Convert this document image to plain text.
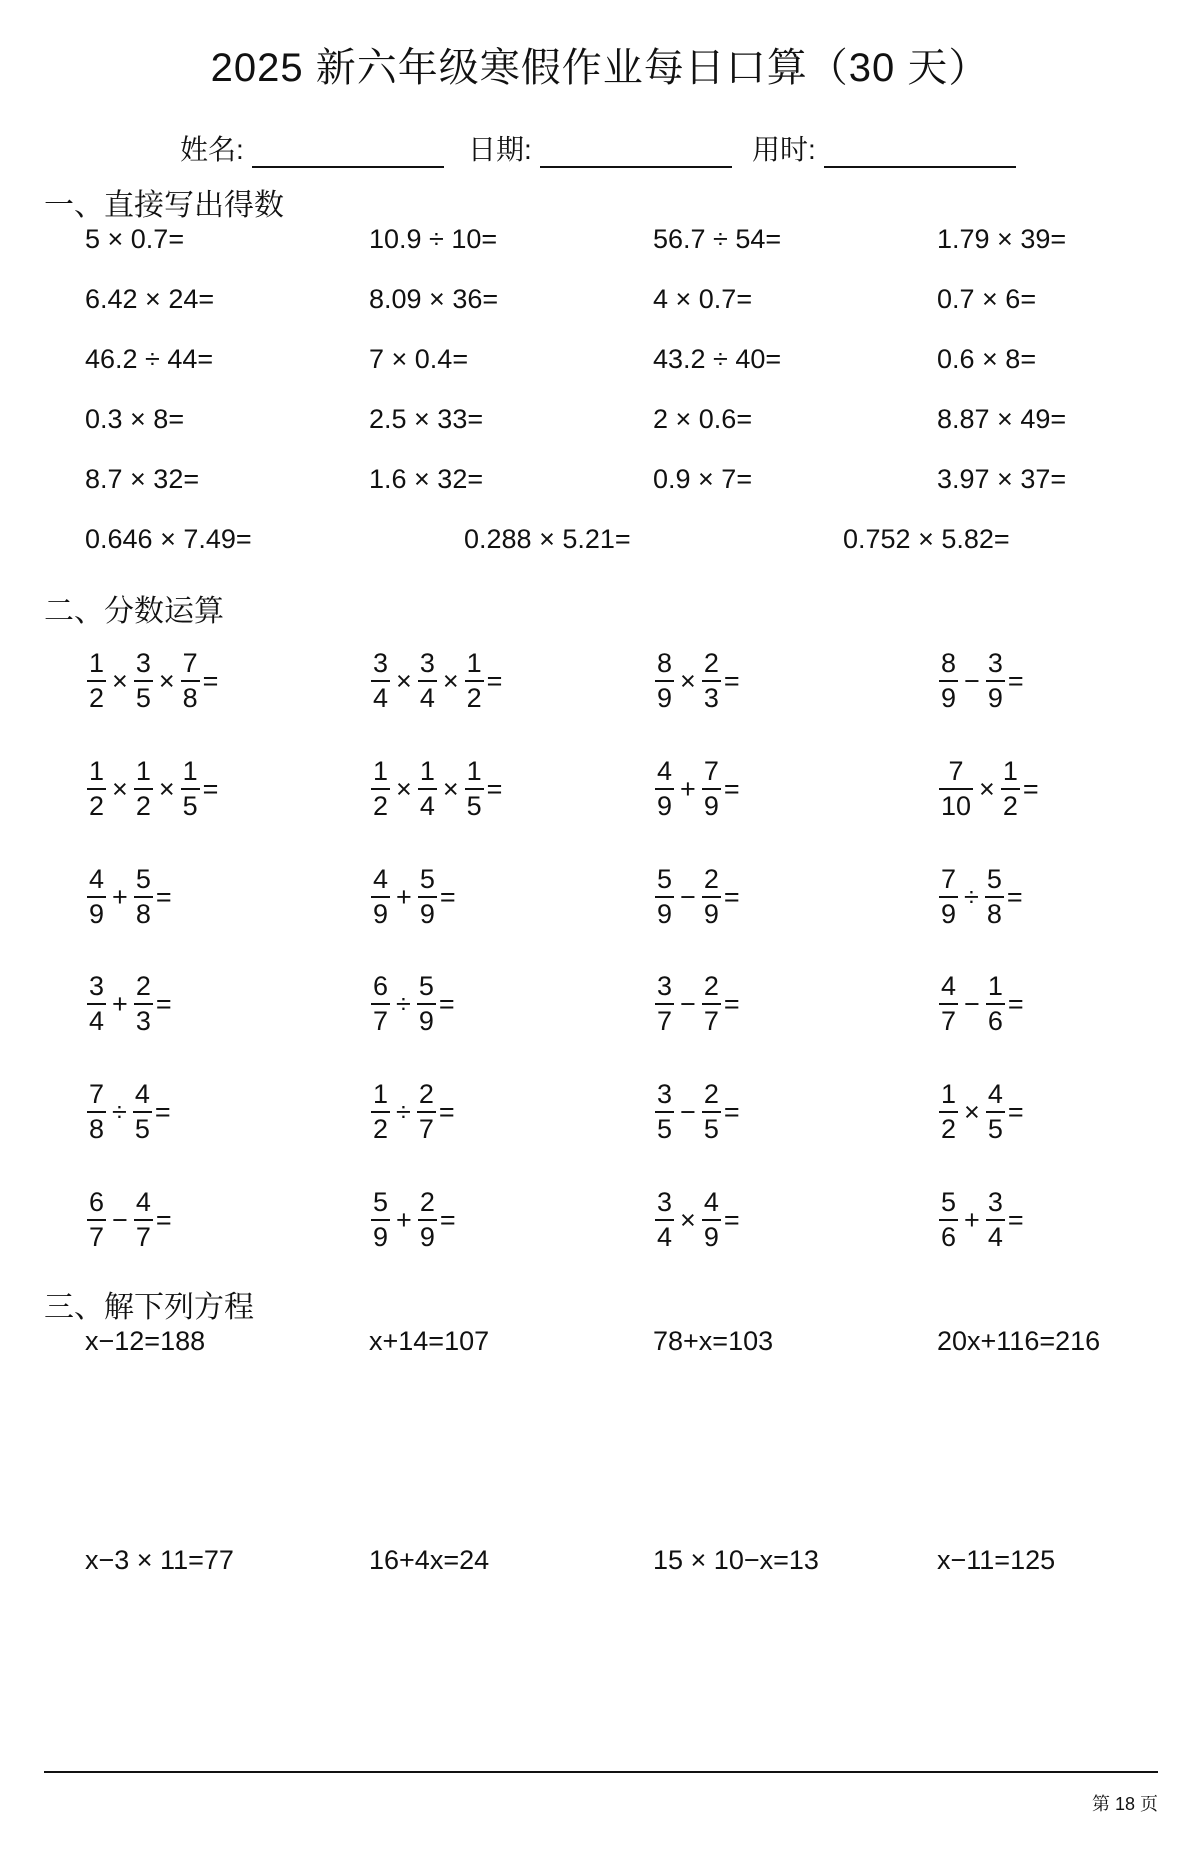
2025 新六年级寒假作业每日口算（30 天）
姓名:	日期:	用时:
一、直接写出得数
5 × 0.7=	10.9 ÷ 10=	56.7 ÷ 54=	1.79 × 39=
6.42 × 24=	8.09 × 36=	4 × 0.7=	0.7 × 6=
46.2 ÷ 44=	7 × 0.4=	43.2 ÷ 40=	0.6 × 8=
0.3 × 8=	2.5 × 33=	2 × 0.6=	8.87 × 49=
8.7 × 32=	1.6 × 32=	0.9 × 7=	3.97 × 37=
0.646 × 7.49=	0.288 × 5.21=	0.752 × 5.82=
二、分数运算
$\frac{1}{2} \times \frac{3}{5} \times \frac{7}{8}$ =	$\frac{3}{4} \times \frac{3}{4} \times \frac{1}{2}$ =	$\frac{8}{9} \times \frac{2}{3}$ =	$\frac{8}{9} - \frac{3}{9}$ =
$\frac{1}{2} \times \frac{1}{2} \times \frac{1}{5}$ =	$\frac{1}{2} \times \frac{1}{4} \times \frac{1}{5}$ =	$\frac{4}{9} + \frac{7}{9}$ =	$\frac{7}{10} \times \frac{1}{2}$ =
$\frac{4}{9} + \frac{5}{8}$ =	$\frac{4}{9} + \frac{5}{9}$ =	$\frac{5}{9} - \frac{2}{9}$ =	$\frac{7}{9} \div \frac{5}{8}$ =
$\frac{3}{4} + \frac{2}{3}$ =	$\frac{6}{7} \div \frac{5}{9}$ =	$\frac{3}{7} - \frac{2}{7}$ =	$\frac{4}{7} - \frac{1}{6}$ =
$\frac{7}{8} \div \frac{4}{5}$ =	$\frac{1}{2} \div \frac{2}{7}$ =	$\frac{3}{5} - \frac{2}{5}$ =	$\frac{1}{2} \times \frac{4}{5}$ =
$\frac{6}{7} - \frac{4}{7}$ =	$\frac{5}{9} + \frac{2}{9}$ =	$\frac{3}{4} \times \frac{4}{9}$ =	$\frac{5}{6} + \frac{3}{4}$ =
三、解下列方程
x−12=188	x+14=107	78+x=103	20x+116=216
x−3 × 11=77	16+4x=24	15 × 10−x=13	x−11=125
第 18 页
